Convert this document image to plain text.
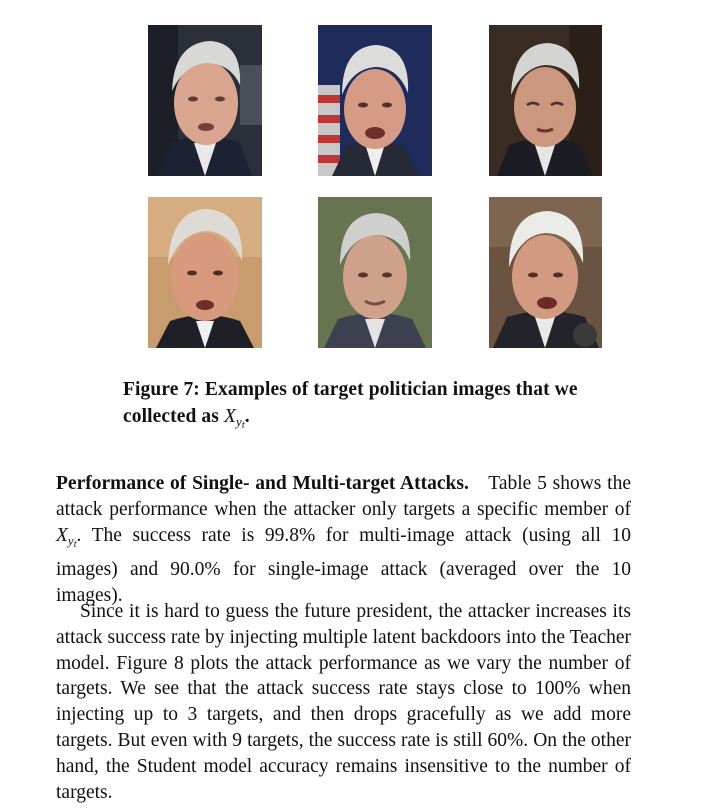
Figure 7: Examples of target politician images that we collected as $X_{y_t}$.
Performance of Single- and Multi-target Attacks. Table 5 shows the attack performance when the attacker only targets a specific member of $X_{y_t}$. The success rate is 99.8% for multi-image attack (using all 10 images) and 90.0% for single-image attack (averaged over the 10 images).
Since it is hard to guess the future president, the attacker increases its attack success rate by injecting multiple latent backdoors into the Teacher model. Figure 8 plots the attack performance as we vary the number of targets. We see that the attack success rate stays close to 100% when injecting up to 3 targets, and then drops gracefully as we add more targets. But even with 9 targets, the success rate is still 60%. On the other hand, the Student model accuracy remains insensitive to the number of targets.
